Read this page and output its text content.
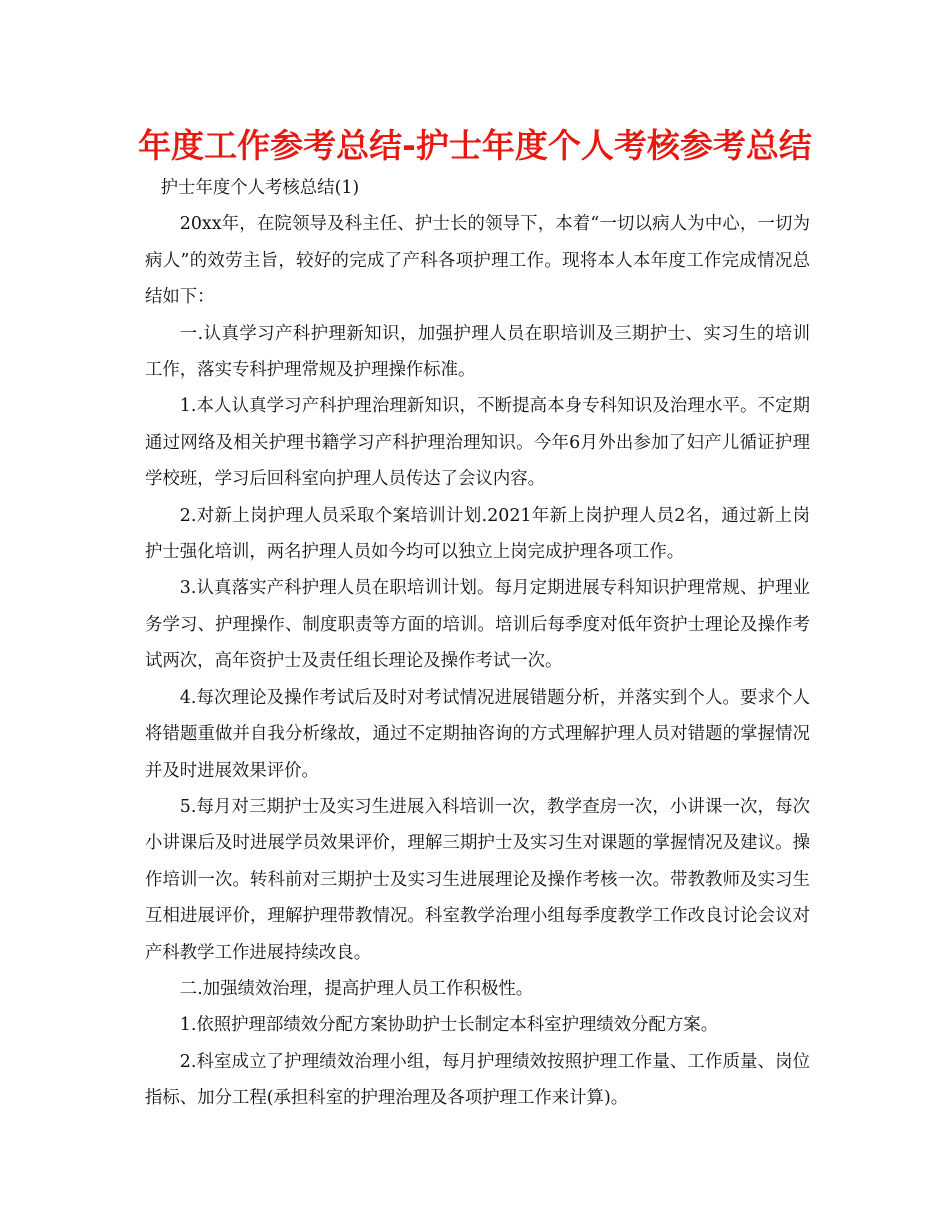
年度工作参考总结-护士年度个人考核参考总结

护士年度个人考核总结(1)

20xx年，在院领导及科主任、护士长的领导下，本着“一切以病人为中心，一切为病人”的效劳主旨，较好的完成了产科各项护理工作。现将本人本年度工作完成情况总结如下：

一.认真学习产科护理新知识，加强护理人员在职培训及三期护士、实习生的培训工作，落实专科护理常规及护理操作标准。

1.本人认真学习产科护理治理新知识，不断提高本身专科知识及治理水平。不定期通过网络及相关护理书籍学习产科护理治理知识。今年6月外出参加了妇产儿循证护理学校班，学习后回科室向护理人员传达了会议内容。

2.对新上岗护理人员采取个案培训计划.2021年新上岗护理人员2名，通过新上岗护士强化培训，两名护理人员如今均可以独立上岗完成护理各项工作。

3.认真落实产科护理人员在职培训计划。每月定期进展专科知识护理常规、护理业务学习、护理操作、制度职责等方面的培训。培训后每季度对低年资护士理论及操作考试两次，高年资护士及责任组长理论及操作考试一次。

4.每次理论及操作考试后及时对考试情况进展错题分析，并落实到个人。要求个人将错题重做并自我分析缘故，通过不定期抽咨询的方式理解护理人员对错题的掌握情况并及时进展效果评价。

5.每月对三期护士及实习生进展入科培训一次，教学查房一次，小讲课一次，每次小讲课后及时进展学员效果评价，理解三期护士及实习生对课题的掌握情况及建议。操作培训一次。转科前对三期护士及实习生进展理论及操作考核一次。带教教师及实习生互相进展评价，理解护理带教情况。科室教学治理小组每季度教学工作改良讨论会议对产科教学工作进展持续改良。

二.加强绩效治理，提高护理人员工作积极性。

1.依照护理部绩效分配方案协助护士长制定本科室护理绩效分配方案。

2.科室成立了护理绩效治理小组，每月护理绩效按照护理工作量、工作质量、岗位指标、加分工程(承担科室的护理治理及各项护理工作来计算)。
